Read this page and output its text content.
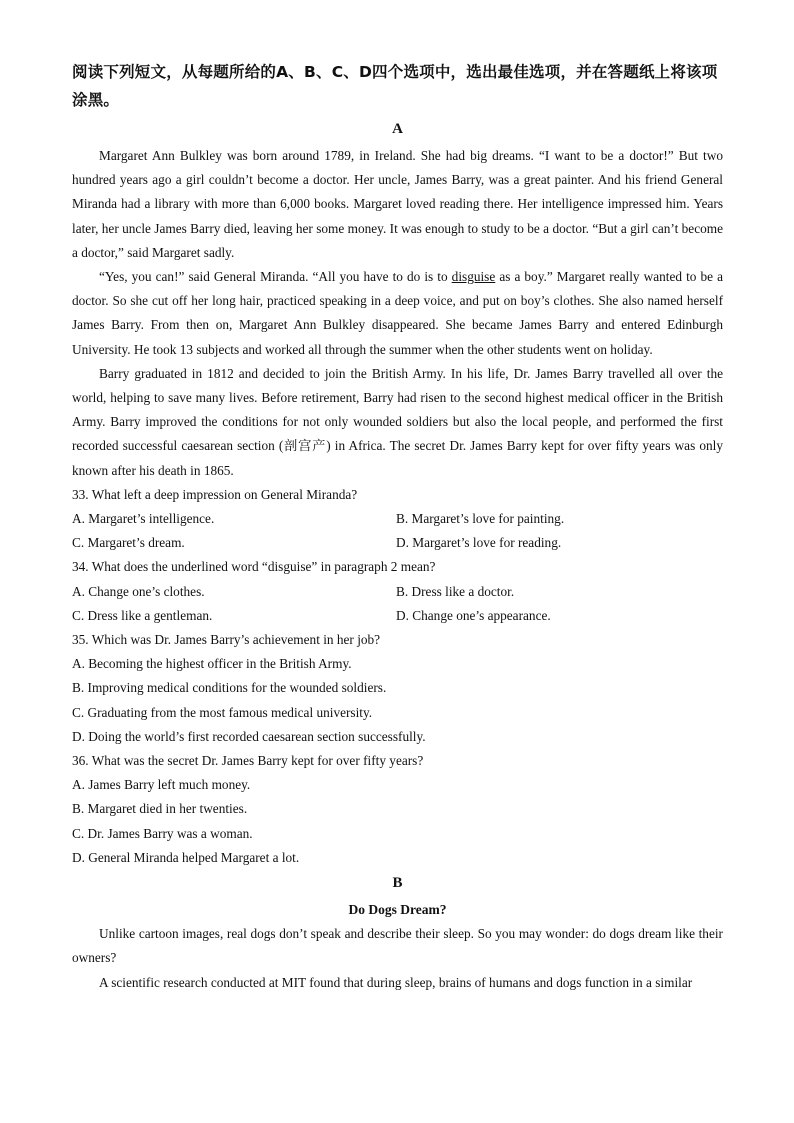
阅读下列短文，从每题所给的A、B、C、D四个选项中，选出最佳选项，并在答题纸上将该项涂黑。

A

Margaret Ann Bulkley was born around 1789, in Ireland. She had big dreams. “I want to be a doctor!” But two hundred years ago a girl couldn’t become a doctor. Her uncle, James Barry, was a great painter. And his friend General Miranda had a library with more than 6,000 books. Margaret loved reading there. Her intelligence impressed him. Years later, her uncle James Barry died, leaving her some money. It was enough to study to be a doctor. “But a girl can’t become a doctor,” said Margaret sadly.

“Yes, you can!” said General Miranda. “All you have to do is to disguise as a boy.” Margaret really wanted to be a doctor. So she cut off her long hair, practiced speaking in a deep voice, and put on boy’s clothes. She also named herself James Barry. From then on, Margaret Ann Bulkley disappeared. She became James Barry and entered Edinburgh University. He took 13 subjects and worked all through the summer when the other students went on holiday.

Barry graduated in 1812 and decided to join the British Army. In his life, Dr. James Barry travelled all over the world, helping to save many lives. Before retirement, Barry had risen to the second highest medical officer in the British Army. Barry improved the conditions for not only wounded soldiers but also the local people, and performed the first recorded successful caesarean section (剖宫产) in Africa. The secret Dr. James Barry kept for over fifty years was only known after his death in 1865.

33. What left a deep impression on General Miranda?

A. Margaret’s intelligence.	B. Margaret’s love for painting.
C. Margaret’s dream.	D. Margaret’s love for reading.

34. What does the underlined word “disguise” in paragraph 2 mean?

A. Change one’s clothes.	B. Dress like a doctor.
C. Dress like a gentleman.	D. Change one’s appearance.

35. Which was Dr. James Barry’s achievement in her job?

A. Becoming the highest officer in the British Army.

B. Improving medical conditions for the wounded soldiers.

C. Graduating from the most famous medical university.

D. Doing the world’s first recorded caesarean section successfully.

36. What was the secret Dr. James Barry kept for over fifty years?

A. James Barry left much money.

B. Margaret died in her twenties.

C. Dr. James Barry was a woman.

D. General Miranda helped Margaret a lot.

B

Do Dogs Dream?

Unlike cartoon images, real dogs don’t speak and describe their sleep. So you may wonder: do dogs dream like their owners?

A scientific research conducted at MIT found that during sleep, brains of humans and dogs function in a similar
